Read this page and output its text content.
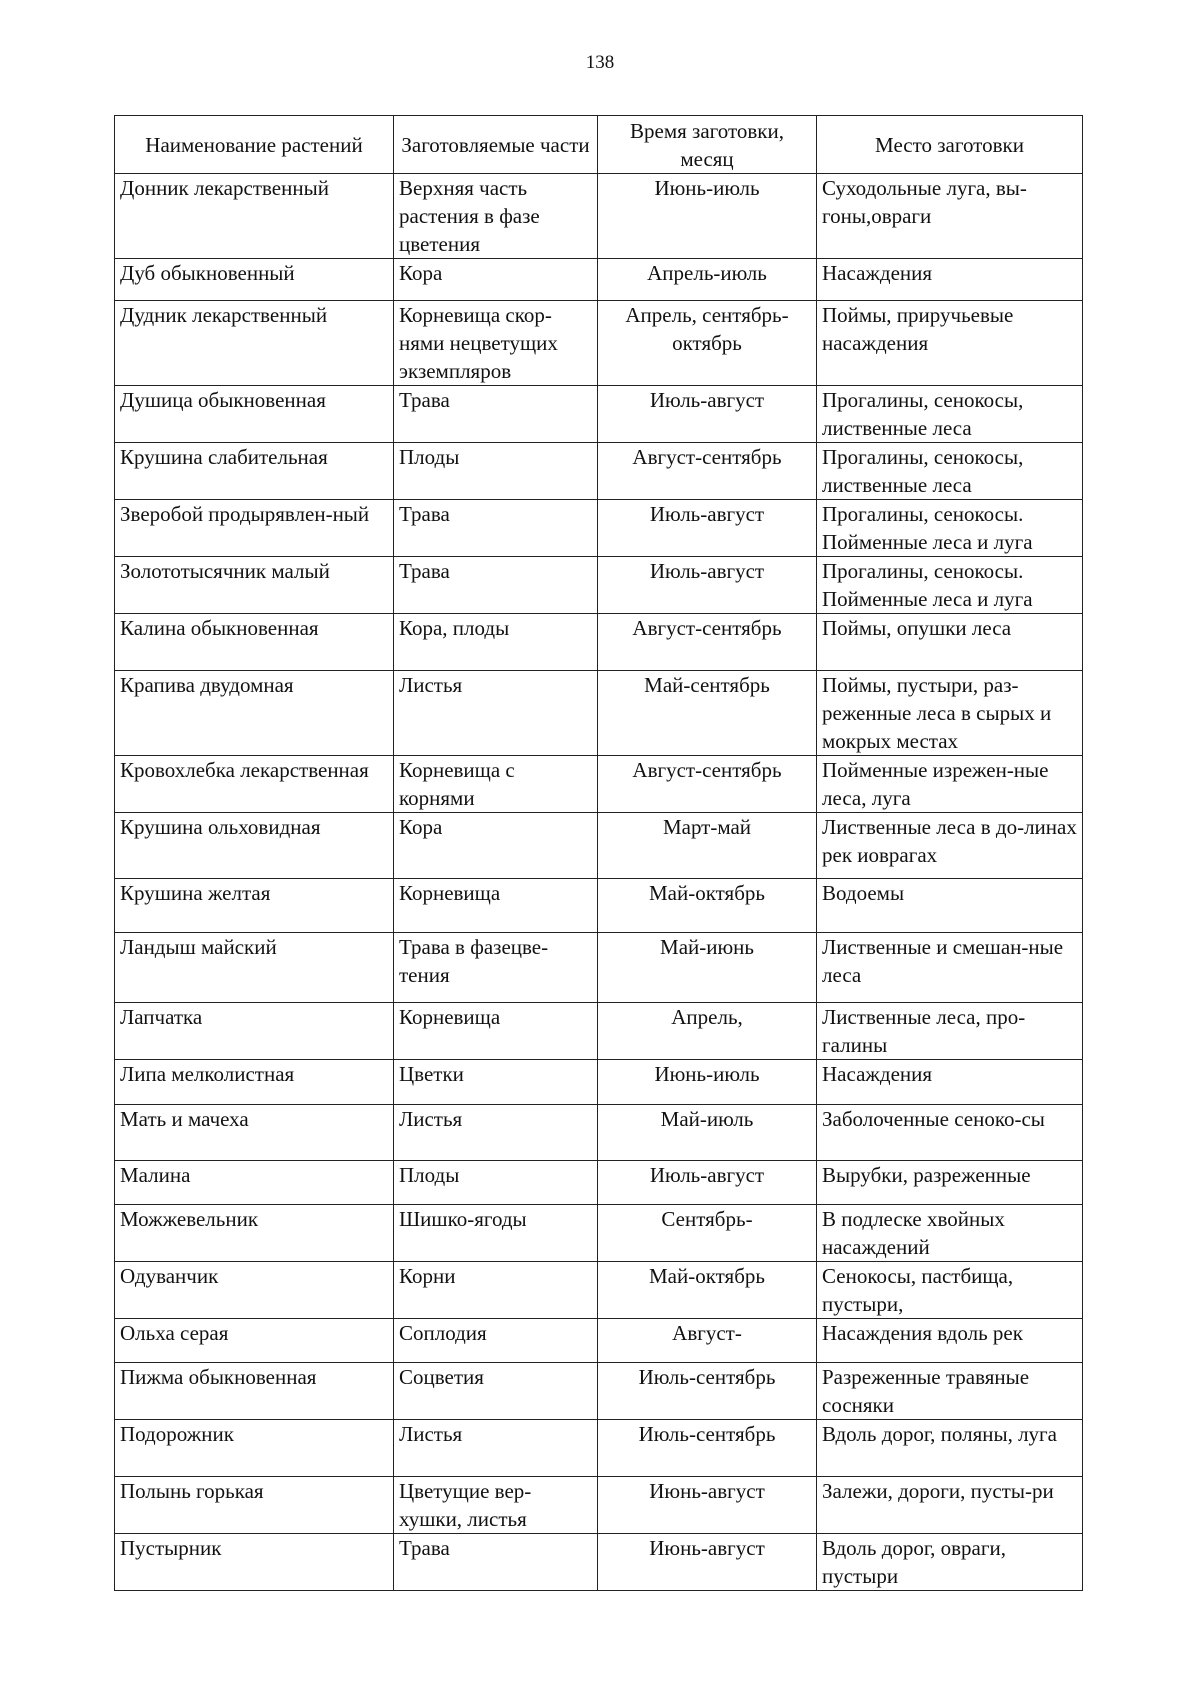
138
Наименование растений	Заготовляемые части	Время заготовки, месяц	Место заготовки
Донник лекарственный	Верхняя часть растения в фазе цветения	Июнь-июль	Суходольные луга, вы-гоны,овраги
Дуб обыкновенный	Кора	Апрель-июль	Насаждения
Дудник лекарственный	Корневища скор-нями нецветущих экземпляров	Апрель, сентябрь-октябрь	Поймы, приручьевые насаждения
Душица обыкновенная	Трава	Июль-август	Прогалины, сенокосы, лиственные леса
Крушина слабительная	Плоды	Август-сентябрь	Прогалины, сенокосы, лиственные леса
Зверобой продырявлен-ный	Трава	Июль-август	Прогалины, сенокосы. Пойменные леса и луга
Золототысячник малый	Трава	Июль-август	Прогалины, сенокосы. Пойменные леса и луга
Калина обыкновенная	Кора, плоды	Август-сентябрь	Поймы, опушки леса
Крапива двудомная	Листья	Май-сентябрь	Поймы, пустыри, раз-реженные леса в сырых и мокрых местах
Кровохлебка лекарственная	Корневища с корнями	Август-сентябрь	Пойменные изрежен-ные леса, луга
Крушина ольховидная	Кора	Март-май	Лиственные леса в до-линах рек иоврагах
Крушина желтая	Корневища	Май-октябрь	Водоемы
Ландыш майский	Трава в фазецве-тения	Май-июнь	Лиственные и смешан-ные леса
Лапчатка	Корневища	Апрель,	Лиственные леса, про-галины
Липа мелколистная	Цветки	Июнь-июль	Насаждения
Мать и мачеха	Листья	Май-июль	Заболоченные сеноко-сы
Малина	Плоды	Июль-август	Вырубки, разреженные
Можжевельник	Шишко-ягоды	Сентябрь-	В подлеске хвойных насаждений
Одуванчик	Корни	Май-октябрь	Сенокосы, пастбища, пустыри,
Ольха серая	Соплодия	Август-	Насаждения вдоль рек
Пижма обыкновенная	Соцветия	Июль-сентябрь	Разреженные травяные сосняки
Подорожник	Листья	Июль-сентябрь	Вдоль дорог, поляны, луга
Полынь горькая	Цветущие вер-хушки, листья	Июнь-август	Залежи, дороги, пусты-ри
Пустырник	Трава	Июнь-август	Вдоль дорог, овраги, пустыри
